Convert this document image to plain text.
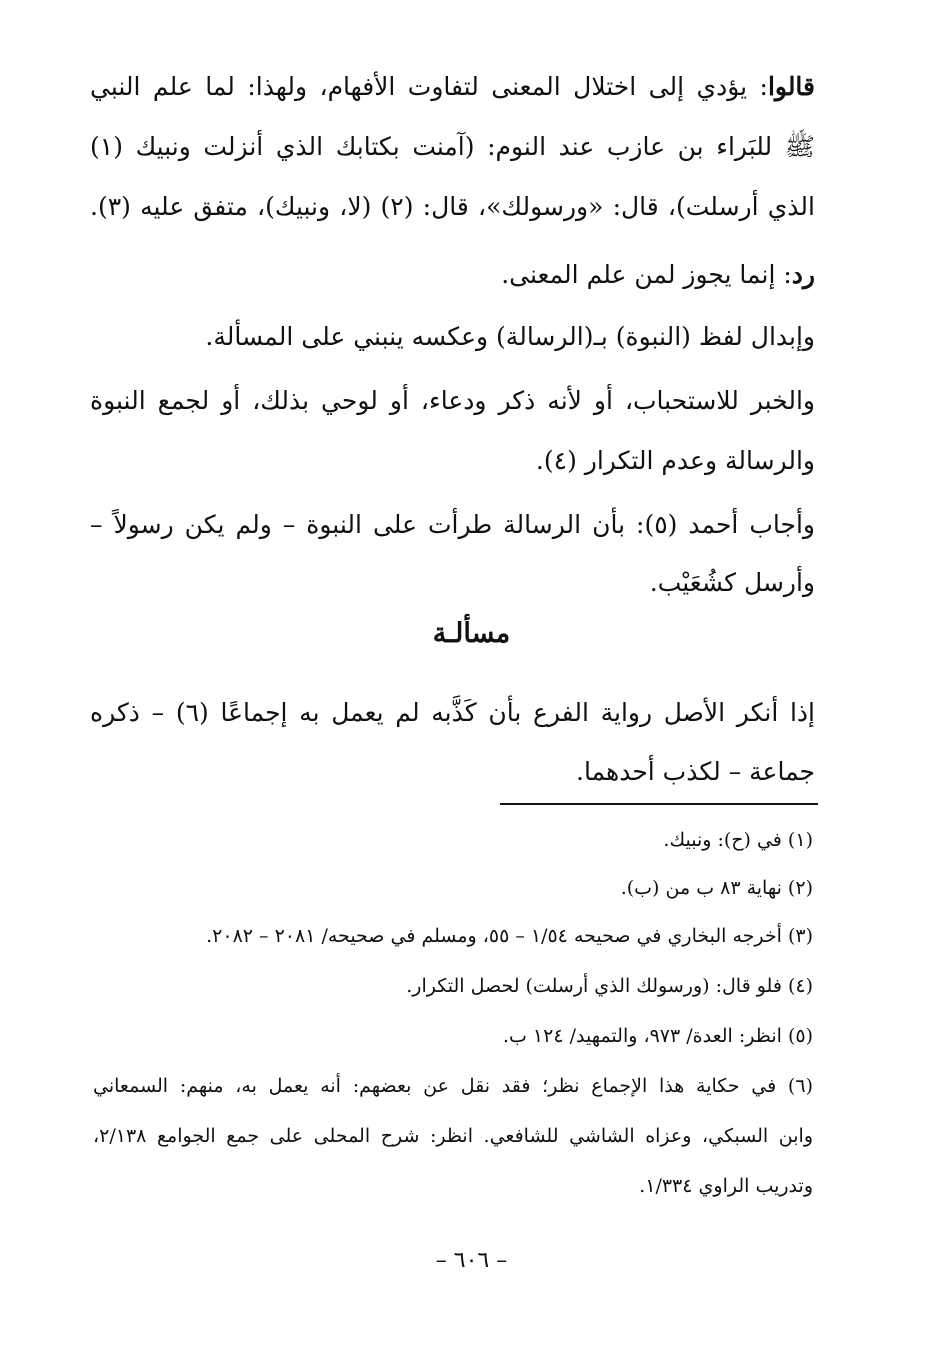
قالوا: يؤدي إلى اختلال المعنى لتفاوت الأفهام، ولهذا: لما علم النبي
ﷺ للبَراء بن عازب عند النوم: (آمنت بكتابك الذي أنزلت ونبيك (١)
الذي أرسلت)، قال: «ورسولك»، قال: (٢) (لا، ونبيك)، متفق عليه (٣).
رد: إنما يجوز لمن علم المعنى.
وإبدال لفظ (النبوة) بـ(الرسالة) وعكسه ينبني على المسألة.
والخبر للاستحباب، أو لأنه ذكر ودعاء، أو لوحي بذلك، أو لجمع النبوة
والرسالة وعدم التكرار (٤).
وأجاب أحمد (٥): بأن الرسالة طرأت على النبوة – ولم يكن رسولاً –
وأرسل كشُعَيْب.
مسألـة
إذا أنكر الأصل رواية الفرع بأن كَذَّبه لم يعمل به إجماعًا (٦) – ذكره
جماعة – لكذب أحدهما.
(١) في (ح): ونبيك.
(٢) نهاية ٨٣ ب من (ب).
(٣) أخرجه البخاري في صحيحه ١/٥٤ – ٥٥، ومسلم في صحيحه/ ٢٠٨١ – ٢٠٨٢.
(٤) فلو قال: (ورسولك الذي أرسلت) لحصل التكرار.
(٥) انظر: العدة/ ٩٧٣، والتمهيد/ ١٢٤ ب.
(٦) في حكاية هذا الإجماع نظر؛ فقد نقل عن بعضهم: أنه يعمل به، منهم: السمعاني
وابن السبكي، وعزاه الشاشي للشافعي. انظر: شرح المحلى على جمع الجوامع ٢/١٣٨،
وتدريب الراوي ١/٣٣٤.
– ٦٠٦ –
